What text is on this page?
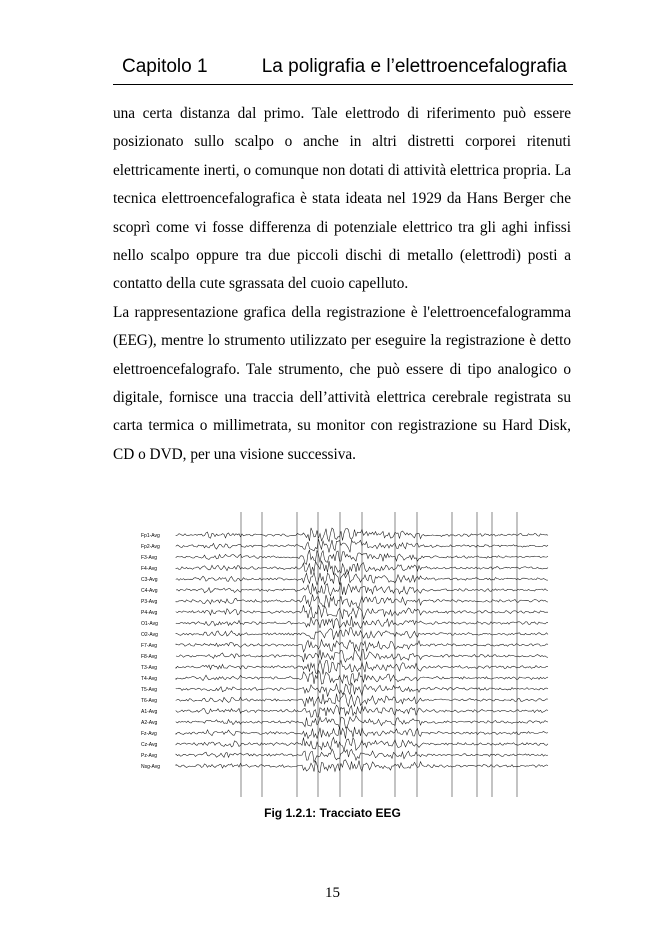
Capitolo 1	La poligrafia e l’elettroencefalografia

una certa distanza dal primo. Tale elettrodo di riferimento può essere posizionato sullo scalpo o anche in altri distretti corporei ritenuti elettricamente inerti, o comunque non dotati di attività elettrica propria. La tecnica elettroencefalografica è stata ideata nel 1929 da Hans Berger che scoprì come vi fosse differenza di potenziale elettrico tra gli aghi infissi nello scalpo oppure tra due piccoli dischi di metallo (elettrodi) posti a contatto della cute sgrassata del cuoio capelluto.

La rappresentazione grafica della registrazione è l'elettroencefalogramma (EEG), mentre lo strumento utilizzato per eseguire la registrazione è detto elettroencefalografo. Tale strumento, che può essere di tipo analogico o digitale, fornisce una traccia dell’attività elettrica cerebrale registrata su carta termica o millimetrata, su monitor con registrazione su Hard Disk, CD o DVD, per una visione successiva.

Fp1-Avg
Fp2-Avg
F3-Avg
F4-Avg
C3-Avg
C4-Avg
P3-Avg
P4-Avg
O1-Avg
O2-Avg
F7-Avg
F8-Avg
T3-Avg
T4-Avg
T5-Avg
T6-Avg
A1-Avg
A2-Avg
Fz-Avg
Cz-Avg
Pz-Avg
Nsg-Avg
Fig 1.2.1: Tracciato EEG
15
